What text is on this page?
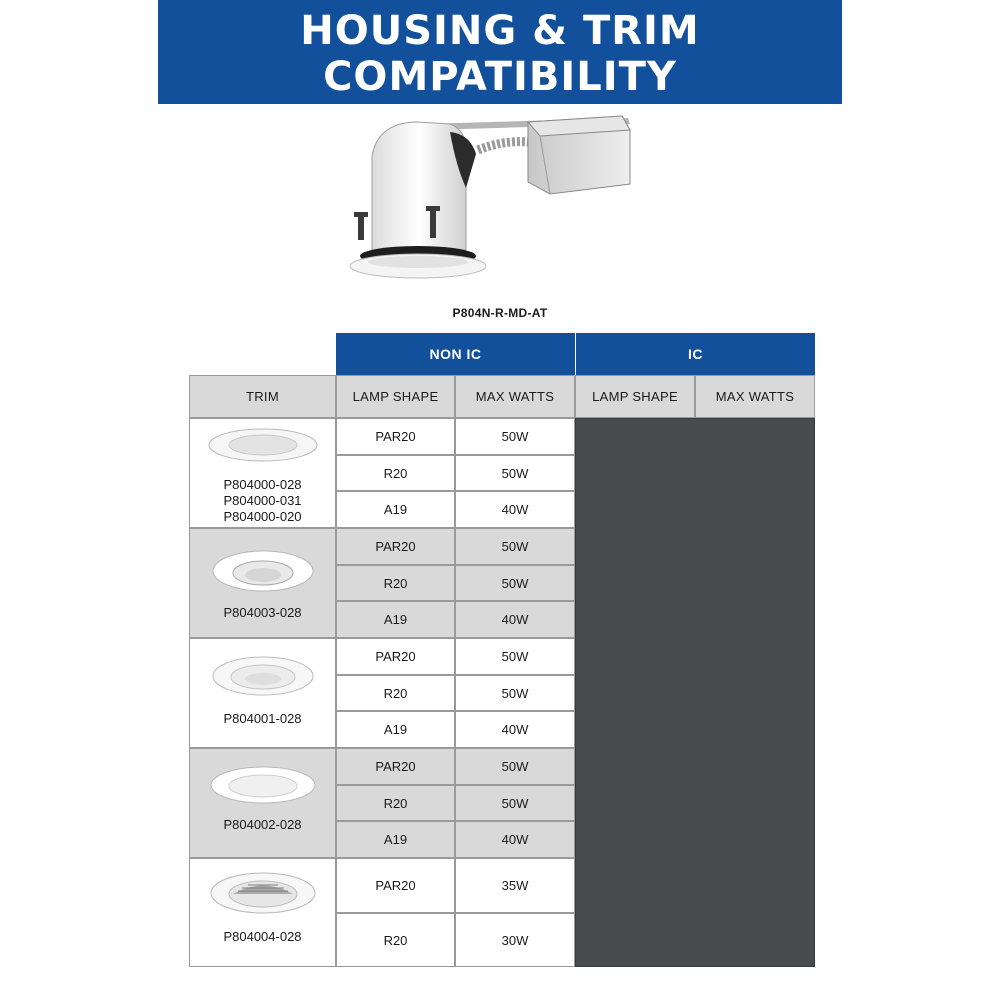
HOUSING & TRIM
COMPATIBILITY
P804N-R-MD-AT
NON IC	IC
TRIM	LAMP SHAPE	MAX WATTS	LAMP SHAPE	MAX WATTS
P804000-028
P804000-031
P804000-020
PAR20	50W
R20	50W
A19	40W
P804003-028
PAR20	50W
R20	50W
A19	40W
P804001-028
PAR20	50W
R20	50W
A19	40W
P804002-028
PAR20	50W
R20	50W
A19	40W
P804004-028
PAR20	35W
R20	30W
